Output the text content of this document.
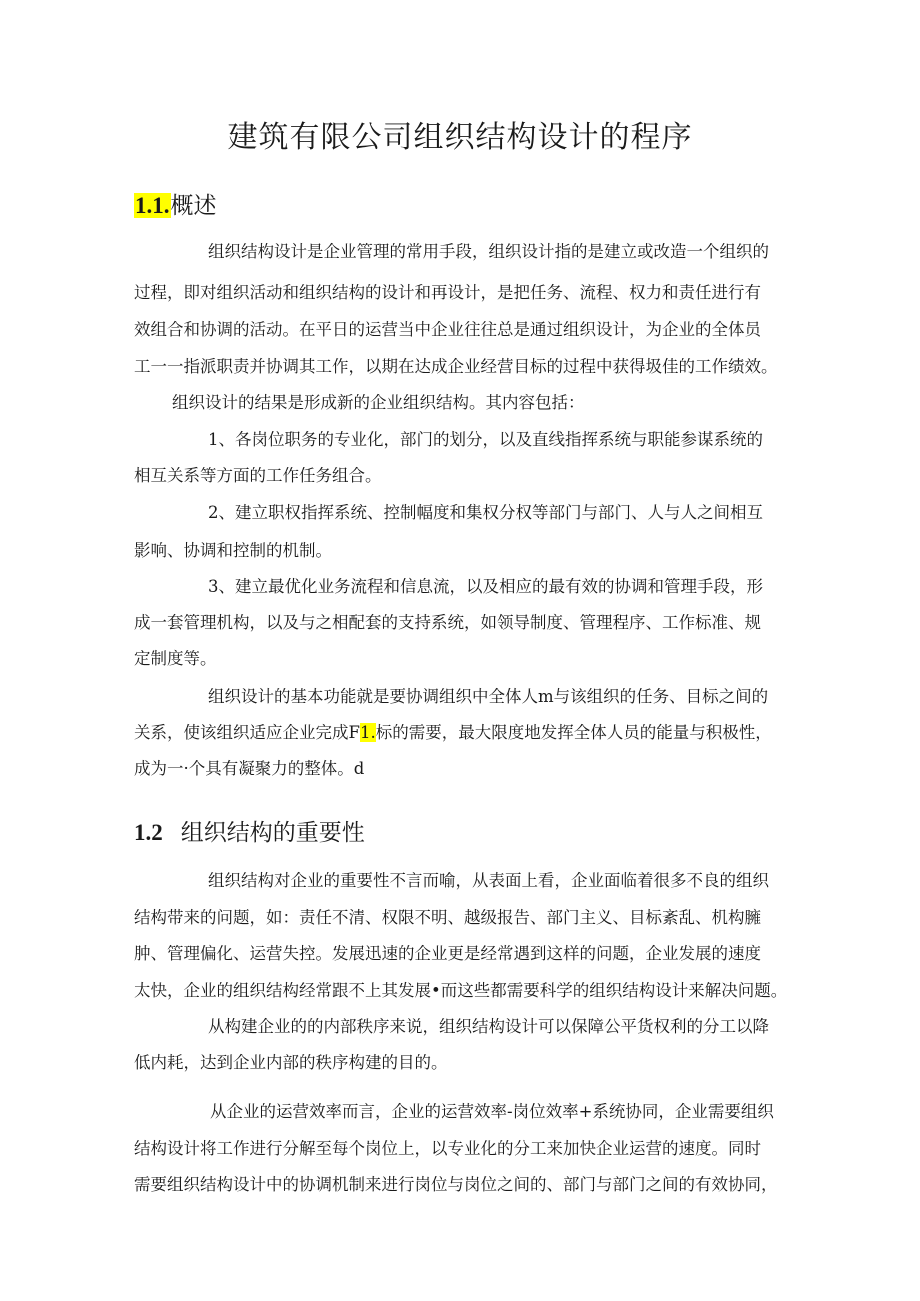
建筑有限公司组织结构设计的程序
1.1.概述
组织结构设计是企业管理的常用手段，组织设计指的是建立或改造一个组织的
过程，即对组织活动和组织结构的设计和再设计，是把任务、流程、权力和责任进行有
效组合和协调的活动。在平日的运营当中企业往往总是通过组织设计，为企业的全体员
工一一指派职责并协调其工作，以期在达成企业经营目标的过程中获得圾佳的工作绩效。
组织设计的结果是形成新的企业组织结构。其内容包括：
1、各岗位职务的专业化，部门的划分，以及直线指挥系统与职能参谋系统的
相互关系等方面的工作任务组合。
2、建立职权指挥系统、控制幅度和集权分权等部门与部门、人与人之间相互
影响、协调和控制的机制。
3、建立最优化业务流程和信息流，以及相应的最有效的协调和管理手段，形
成一套管理机构，以及与之相配套的支持系统，如领导制度、管理程序、工作标准、规
定制度等。
组织设计的基本功能就是要协调组织中全体人m与该组织的任务、目标之间的
关系，使该组织适应企业完成F1.标的需要，最大限度地发挥全体人员的能量与积极性，
成为一·个具有凝聚力的整体。d
1.2 组织结构的重要性
组织结构对企业的重要性不言而喻，从表面上看，企业面临着很多不良的组织
结构带来的问题，如：责任不清、权限不明、越级报告、部门主义、目标紊乱、机构臃
肿、管理偏化、运营失控。发展迅速的企业更是经常遇到这样的问题，企业发展的速度
太快，企业的组织结构经常跟不上其发展•而这些都需要科学的组织结构设计来解决问题。
从构建企业的的内部秩序来说，组织结构设计可以保障公平货权利的分工以降
低内耗，达到企业内部的秩序构建的目的。
从企业的运营效率而言，企业的运营效率-岗位效率+系统协同，企业需要组织
结构设计将工作进行分解至每个岗位上，以专业化的分工来加快企业运营的速度。同时
需要组织结构设计中的协调机制来进行岗位与岗位之间的、部门与部门之间的有效协同，
